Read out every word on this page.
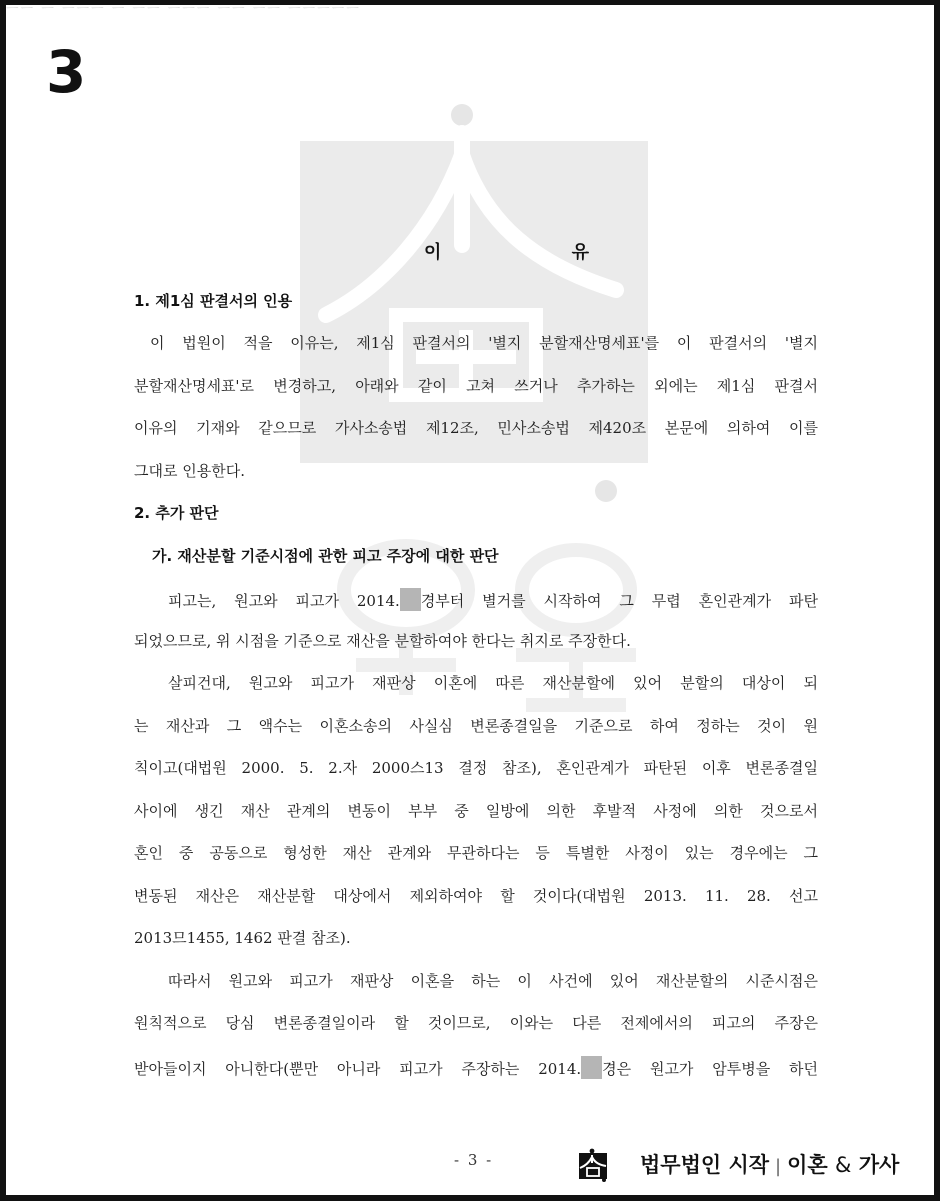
ㅡㅡ ㅡ ㅡㅡㅡ ㅡ ㅡㅡ ㅡㅡㅡ ㅡㅡ ㅡㅡ ㅡㅡㅡㅡㅡ
3
이 유
1. 제1심 판결서의 인용
이 법원이 적을 이유는, 제1심 판결서의 '별지 분할재산명세표'를 이 판결서의 '별지
분할재산명세표'로 변경하고, 아래와 같이 고쳐 쓰거나 추가하는 외에는 제1심 판결서
이유의 기재와 같으므로 가사소송법 제12조, 민사소송법 제420조 본문에 의하여 이를
그대로 인용한다.
2. 추가 판단
가. 재산분할 기준시점에 관한 피고 주장에 대한 판단
피고는, 원고와 피고가 2014. 경부터 별거를 시작하여 그 무렵 혼인관계가 파탄
되었으므로, 위 시점을 기준으로 재산을 분할하여야 한다는 취지로 주장한다.
살피건대, 원고와 피고가 재판상 이혼에 따른 재산분할에 있어 분할의 대상이 되
는 재산과 그 액수는 이혼소송의 사실심 변론종결일을 기준으로 하여 정하는 것이 원
칙이고(대법원 2000. 5. 2.자 2000스13 결정 참조), 혼인관계가 파탄된 이후 변론종결일
사이에 생긴 재산 관계의 변동이 부부 중 일방에 의한 후발적 사정에 의한 것으로서
혼인 중 공동으로 형성한 재산 관계와 무관하다는 등 특별한 사정이 있는 경우에는 그
변동된 재산은 재산분할 대상에서 제외하여야 할 것이다(대법원 2013. 11. 28. 선고
2013므1455, 1462 판결 참조).
따라서 원고와 피고가 재판상 이혼을 하는 이 사건에 있어 재산분할의 시준시점은
원칙적으로 당심 변론종결일이라 할 것이므로, 이와는 다른 전제에서의 피고의 주장은
받아들이지 아니한다(뿐만 아니라 피고가 주장하는 2014. 경은 원고가 암투병을 하던
- 3 -	법무법인 시작 | 이혼 & 가사
